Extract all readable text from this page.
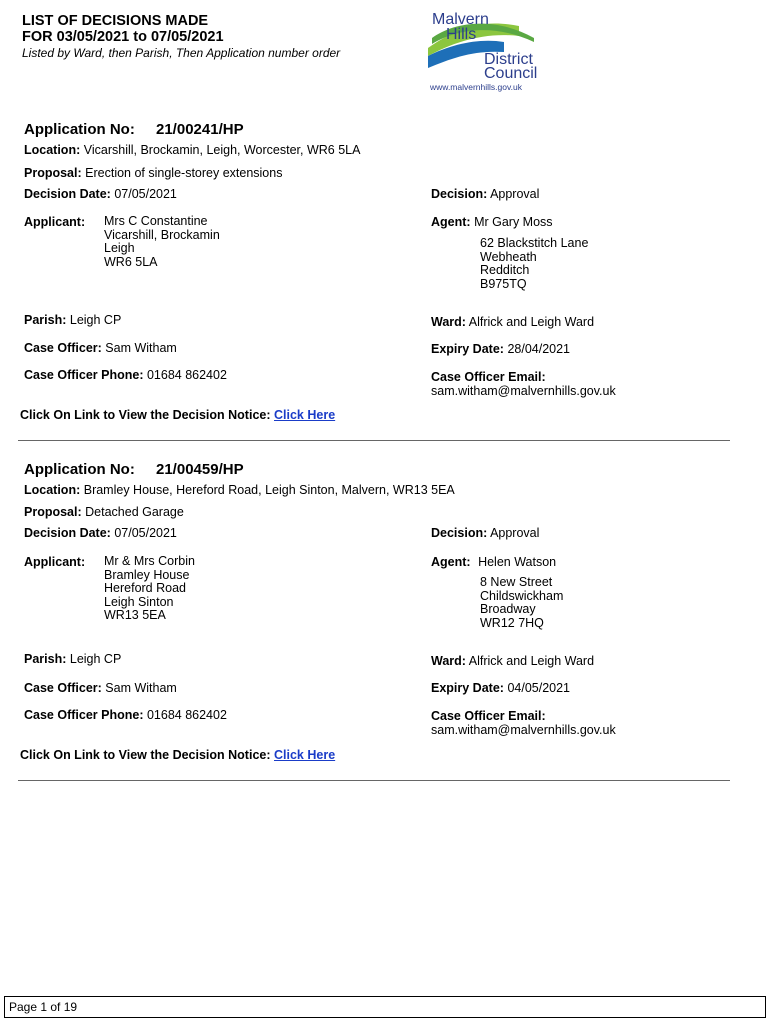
LIST OF DECISIONS MADE
FOR 03/05/2021 to 07/05/2021
Listed by Ward, then Parish, Then Application number order
Malvern
Hills
District
Council
www.malvernhills.gov.uk
Application No: 21/00241/HP
Location: Vicarshill, Brockamin, Leigh, Worcester, WR6 5LA
Proposal: Erection of single-storey extensions
Decision Date: 07/05/2021	Decision: Approval
Applicant: Mrs C Constantine
Vicarshill, Brockamin
Leigh
WR6 5LA
Agent: Mr Gary Moss
62 Blackstitch Lane
Webheath
Redditch
B975TQ
Parish: Leigh CP	Ward: Alfrick and Leigh Ward
Case Officer: Sam Witham	Expiry Date: 28/04/2021
Case Officer Phone: 01684 862402	Case Officer Email:
sam.witham@malvernhills.gov.uk
Click On Link to View the Decision Notice: Click Here
Application No: 21/00459/HP
Location: Bramley House, Hereford Road, Leigh Sinton, Malvern, WR13 5EA
Proposal: Detached Garage
Decision Date: 07/05/2021	Decision: Approval
Applicant: Mr & Mrs Corbin
Bramley House
Hereford Road
Leigh Sinton
WR13 5EA
Agent: Helen Watson
8 New Street
Childswickham
Broadway
WR12 7HQ
Parish: Leigh CP	Ward: Alfrick and Leigh Ward
Case Officer: Sam Witham	Expiry Date: 04/05/2021
Case Officer Phone: 01684 862402	Case Officer Email:
sam.witham@malvernhills.gov.uk
Click On Link to View the Decision Notice: Click Here
Page 1 of 19
